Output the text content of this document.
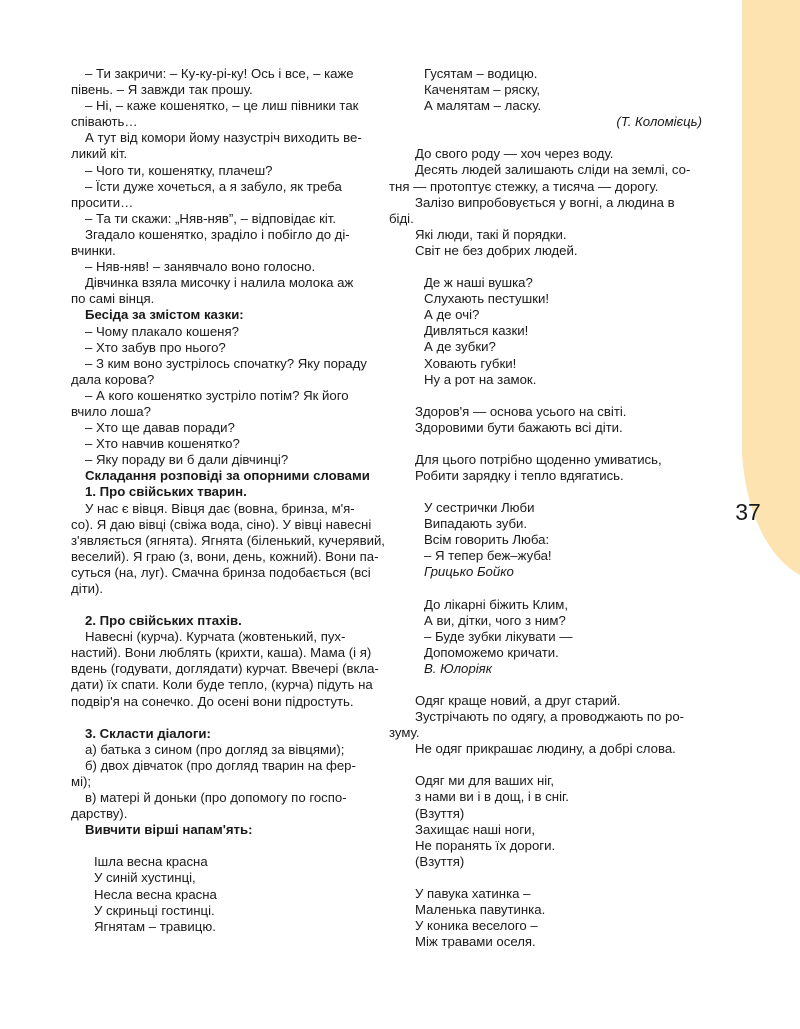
37
– Ти закричи: – Ку-ку-рі-ку! Ось і все, – каже
півень. – Я завжди так прошу.
– Ні, – каже кошенятко, – це лиш півники так
співають…
А тут від комори йому назустріч виходить ве-
ликий кіт.
– Чого ти, кошенятку, плачеш?
– Їсти дуже хочеться, а я забуло, як треба
просити…
– Та ти скажи: „Няв-няв”, – відповідає кіт.
Згадало кошенятко, зраділо і побігло до ді-
вчинки.
– Няв-няв! – занявчало воно голосно.
Дівчинка взяла мисочку і налила молока аж
по самі вінця.
Бесіда за змістом казки:
– Чому плакало кошеня?
– Хто забув про нього?
– З ким воно зустрілось спочатку? Яку пораду
дала корова?
– А кого кошенятко зустріло потім? Як його
вчило лоша?
– Хто ще давав поради?
– Хто навчив кошенятко?
– Яку пораду ви б дали дівчинці?
Складання розповіді за опорними словами
1. Про свійських тварин.
У нас є вівця. Вівця дає (вовна, бринза, м'я-
со). Я даю вівці (свіжа вода, сіно). У вівці навесні
з'являється (ягнята). Ягнята (біленький, кучерявий,
веселий). Я граю (з, вони, день, кожний). Вони па-
суться (на, луг). Смачна бринза подобається (всі
діти).
2. Про свійських птахів.
Навесні (курча). Курчата (жовтенький, пух-
настий). Вони люблять (крихти, каша). Мама (і я)
вдень (годувати, доглядати) курчат. Ввечері (вкла-
дати) їх спати. Коли буде тепло, (курча) підуть на
подвір'я на сонечко. До осені вони підростуть.
3. Скласти діалоги:
а) батька з сином (про догляд за вівцями);
б) двох дівчаток (про догляд тварин на фер-
мі);
в) матері й доньки (про допомогу по госпо-
дарству).
Вивчити вірші напам'ять:
Ішла весна красна
У синій хустинці,
Несла весна красна
У скриньці гостинці.
Ягнятам – травицю.
Гусятам – водицю.
Каченятам – ряску,
А малятам – ласку.
(Т. Коломієць)
До свого роду — хоч через воду.
Десять людей залишають сліди на землі, со-
тня — протоптує стежку, а тисяча — дорогу.
Залізо випробовується у вогні, а людина в
біді.
Які люди, такі й порядки.
Світ не без добрих людей.
Де ж наші вушка?
Слухають пестушки!
А де очі?
Дивляться казки!
А де зубки?
Ховають губки!
Ну а рот на замок.
Здоров'я — основа усього на світі.
Здоровими бути бажають всі діти.
Для цього потрібно щоденно умиватись,
Робити зарядку і тепло вдягатись.
У сестрички Люби
Випадають зуби.
Всім говорить Люба:
– Я тепер беж–жуба!
Грицько Бойко
До лікарні біжить Клим,
А ви, дітки, чого з ним?
– Буде зубки лікувати —
Допоможемо кричати.
В. Юлоріяк
Одяг краще новий, а друг старий.
Зустрічають по одягу, а проводжають по ро-
зуму.
Не одяг прикрашає людину, а добрі слова.
Одяг ми для ваших ніг,
з нами ви і в дощ, і в сніг.
(Взуття)
Захищає наші ноги,
Не поранять їх дороги.
(Взуття)
У павука хатинка –
Маленька павутинка.
У коника веселого –
Між травами оселя.
